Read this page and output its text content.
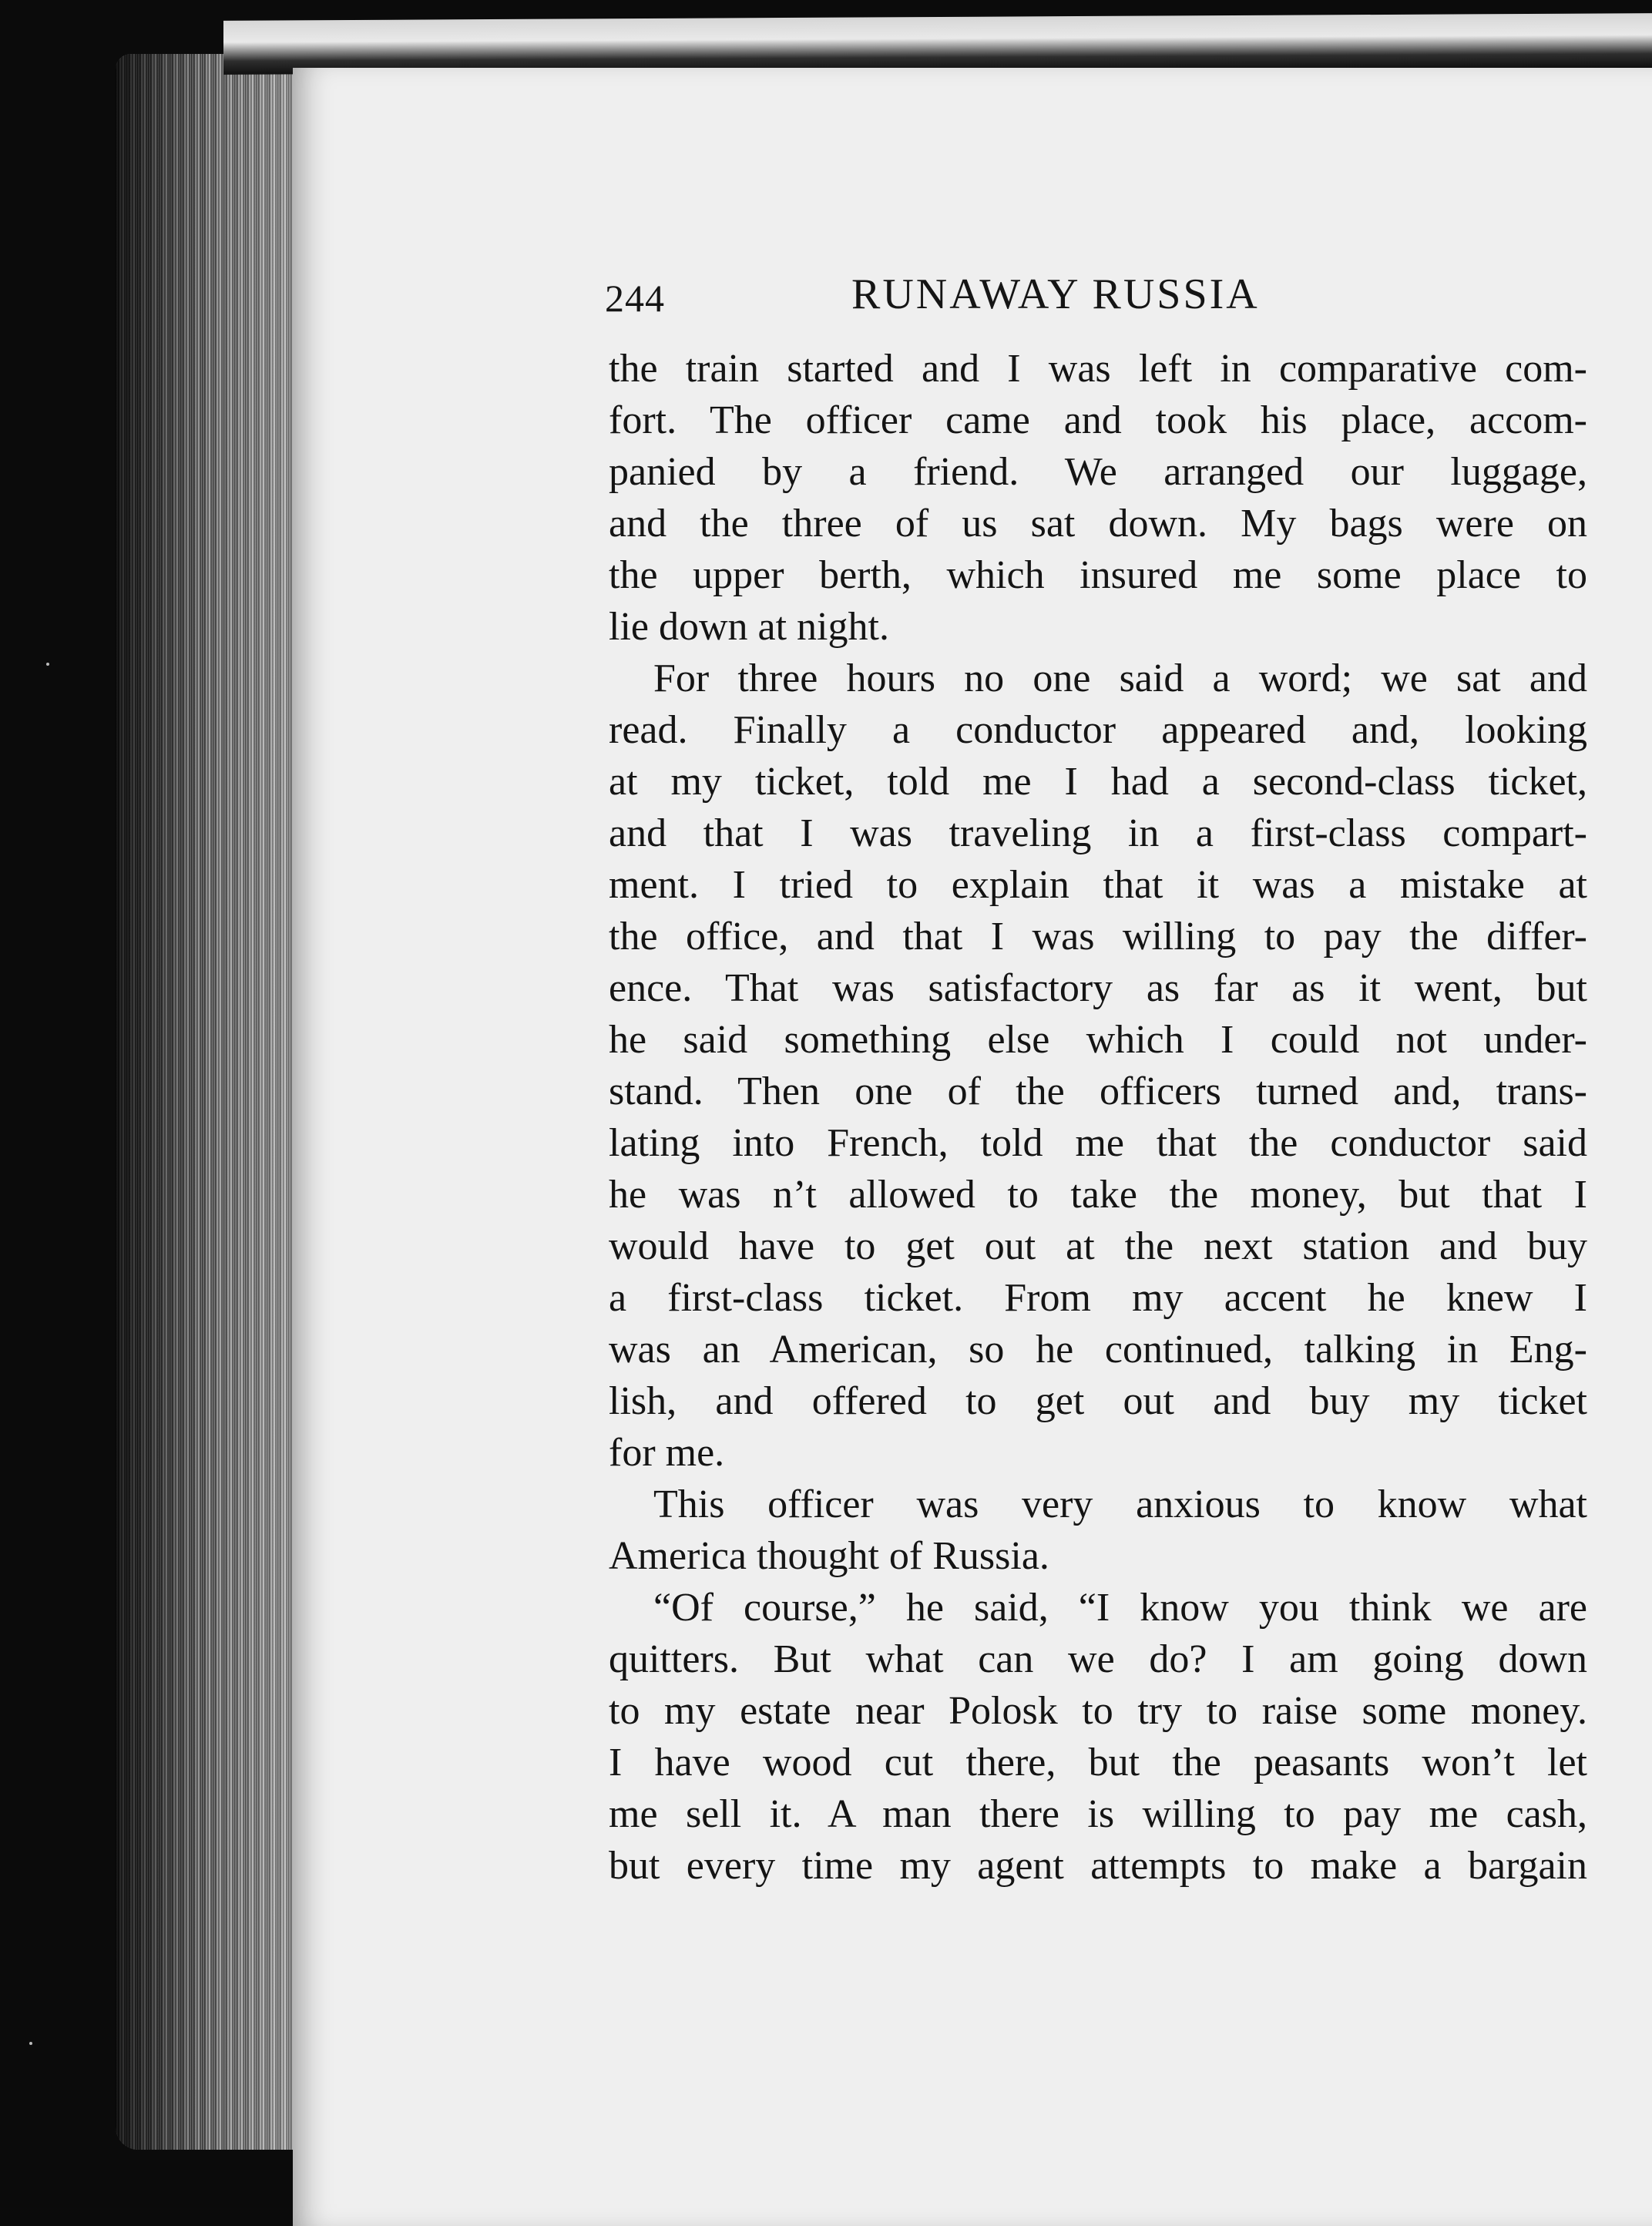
244	RUNAWAY RUSSIA
the train started and I was left in comparative com-
fort. The officer came and took his place, accom-
panied by a friend. We arranged our luggage,
and the three of us sat down. My bags were on
the upper berth, which insured me some place to
lie down at night.
For three hours no one said a word; we sat and
read. Finally a conductor appeared and, looking
at my ticket, told me I had a second-class ticket,
and that I was traveling in a first-class compart-
ment. I tried to explain that it was a mistake at
the office, and that I was willing to pay the differ-
ence. That was satisfactory as far as it went, but
he said something else which I could not under-
stand. Then one of the officers turned and, trans-
lating into French, told me that the conductor said
he was n’t allowed to take the money, but that I
would have to get out at the next station and buy
a first-class ticket. From my accent he knew I
was an American, so he continued, talking in Eng-
lish, and offered to get out and buy my ticket
for me.
This officer was very anxious to know what
America thought of Russia.
“Of course,” he said, “I know you think we are
quitters. But what can we do? I am going down
to my estate near Polosk to try to raise some money.
I have wood cut there, but the peasants won’t let
me sell it. A man there is willing to pay me cash,
but every time my agent attempts to make a bargain
